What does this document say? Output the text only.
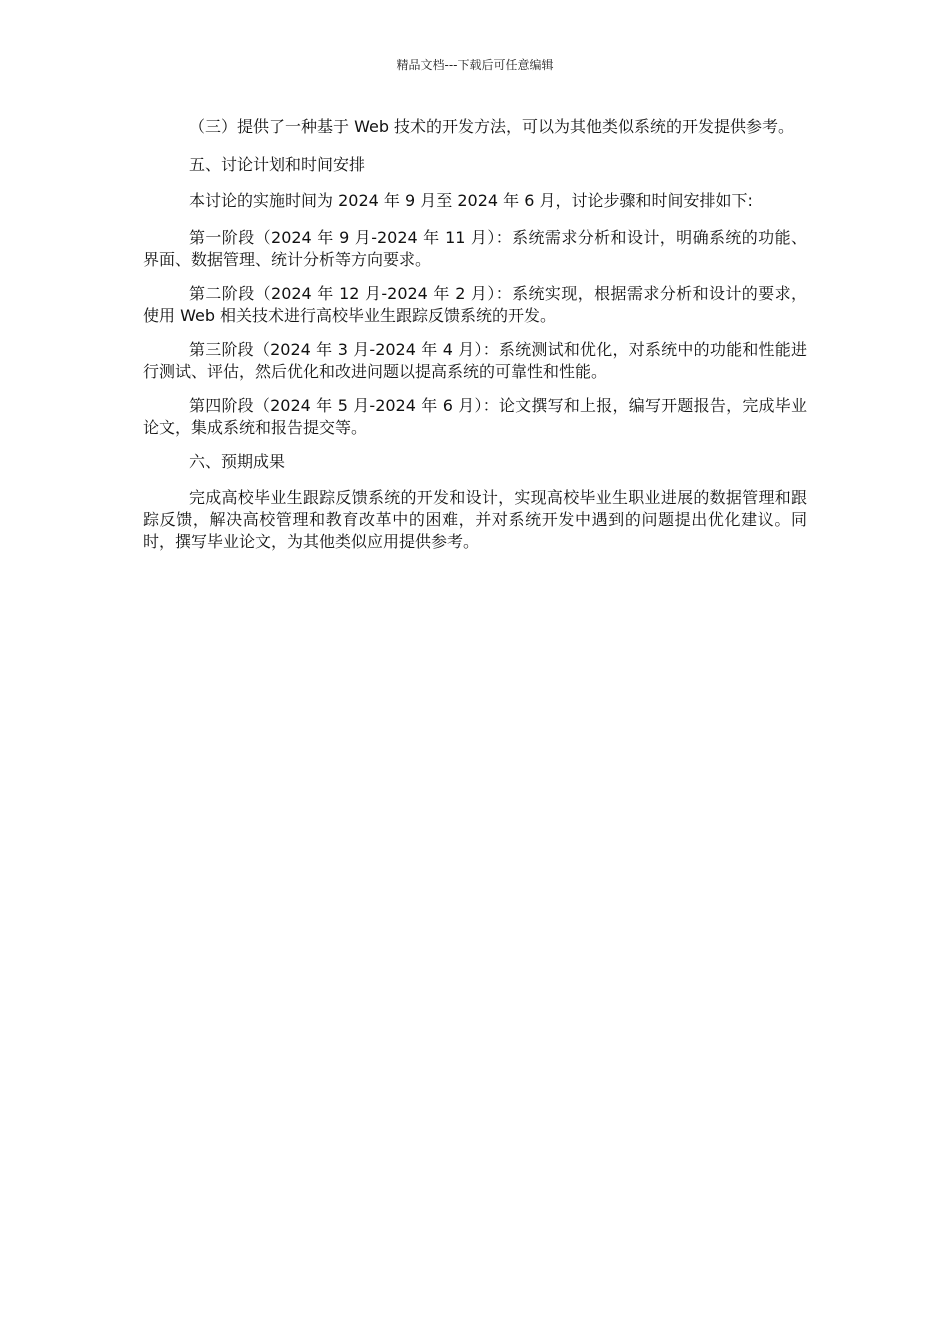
精品文档---下载后可任意编辑

（三）提供了一种基于 Web 技术的开发方法，可以为其他类似系统的开发提供参考。

五、讨论计划和时间安排

本讨论的实施时间为 2024 年 9 月至 2024 年 6 月，讨论步骤和时间安排如下:

第一阶段（2024 年 9 月-2024 年 11 月）：系统需求分析和设计，明确系统的功能、界面、数据管理、统计分析等方向要求。

第二阶段（2024 年 12 月-2024 年 2 月）：系统实现，根据需求分析和设计的要求，使用 Web 相关技术进行高校毕业生跟踪反馈系统的开发。

第三阶段（2024 年 3 月-2024 年 4 月）：系统测试和优化，对系统中的功能和性能进行测试、评估，然后优化和改进问题以提高系统的可靠性和性能。

第四阶段（2024 年 5 月-2024 年 6 月）：论文撰写和上报，编写开题报告，完成毕业论文，集成系统和报告提交等。

六、预期成果

完成高校毕业生跟踪反馈系统的开发和设计，实现高校毕业生职业进展的数据管理和跟踪反馈，解决高校管理和教育改革中的困难，并对系统开发中遇到的问题提出优化建议。同时，撰写毕业论文，为其他类似应用提供参考。
